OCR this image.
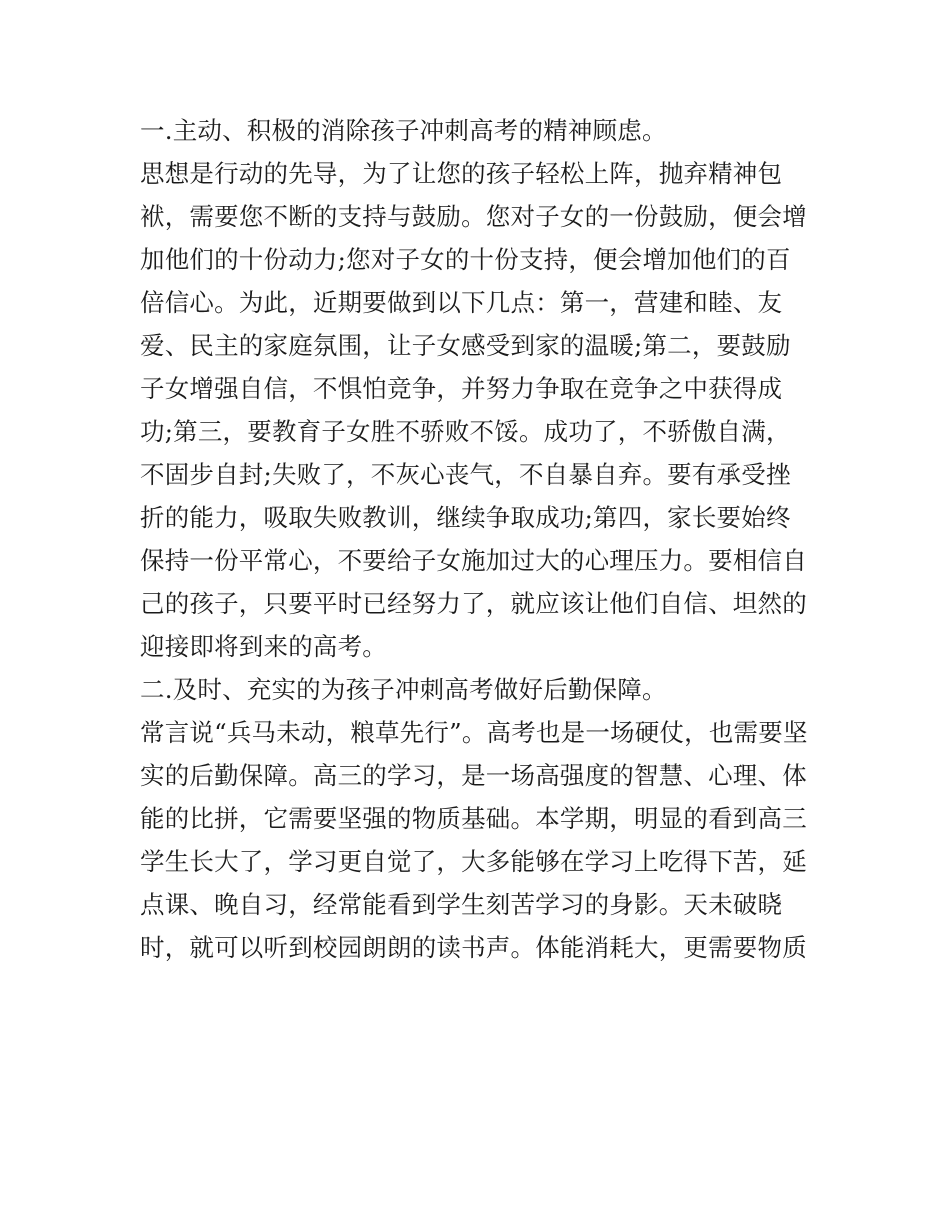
一.主动、积极的消除孩子冲刺高考的精神顾虑。
思想是行动的先导，为了让您的孩子轻松上阵，抛弃精神包
袱，需要您不断的支持与鼓励。您对子女的一份鼓励，便会增
加他们的十份动力;您对子女的十份支持，便会增加他们的百
倍信心。为此，近期要做到以下几点：第一，营建和睦、友
爱、民主的家庭氛围，让子女感受到家的温暖;第二，要鼓励
子女增强自信，不惧怕竞争，并努力争取在竞争之中获得成
功;第三，要教育子女胜不骄败不馁。成功了，不骄傲自满，
不固步自封;失败了，不灰心丧气，不自暴自弃。要有承受挫
折的能力，吸取失败教训，继续争取成功;第四，家长要始终
保持一份平常心，不要给子女施加过大的心理压力。要相信自
己的孩子，只要平时已经努力了，就应该让他们自信、坦然的
迎接即将到来的高考。
二.及时、充实的为孩子冲刺高考做好后勤保障。
常言说“兵马未动，粮草先行”。高考也是一场硬仗，也需要坚
实的后勤保障。高三的学习，是一场高强度的智慧、心理、体
能的比拼，它需要坚强的物质基础。本学期，明显的看到高三
学生长大了，学习更自觉了，大多能够在学习上吃得下苦，延
点课、晚自习，经常能看到学生刻苦学习的身影。天未破晓
时，就可以听到校园朗朗的读书声。体能消耗大，更需要物质
